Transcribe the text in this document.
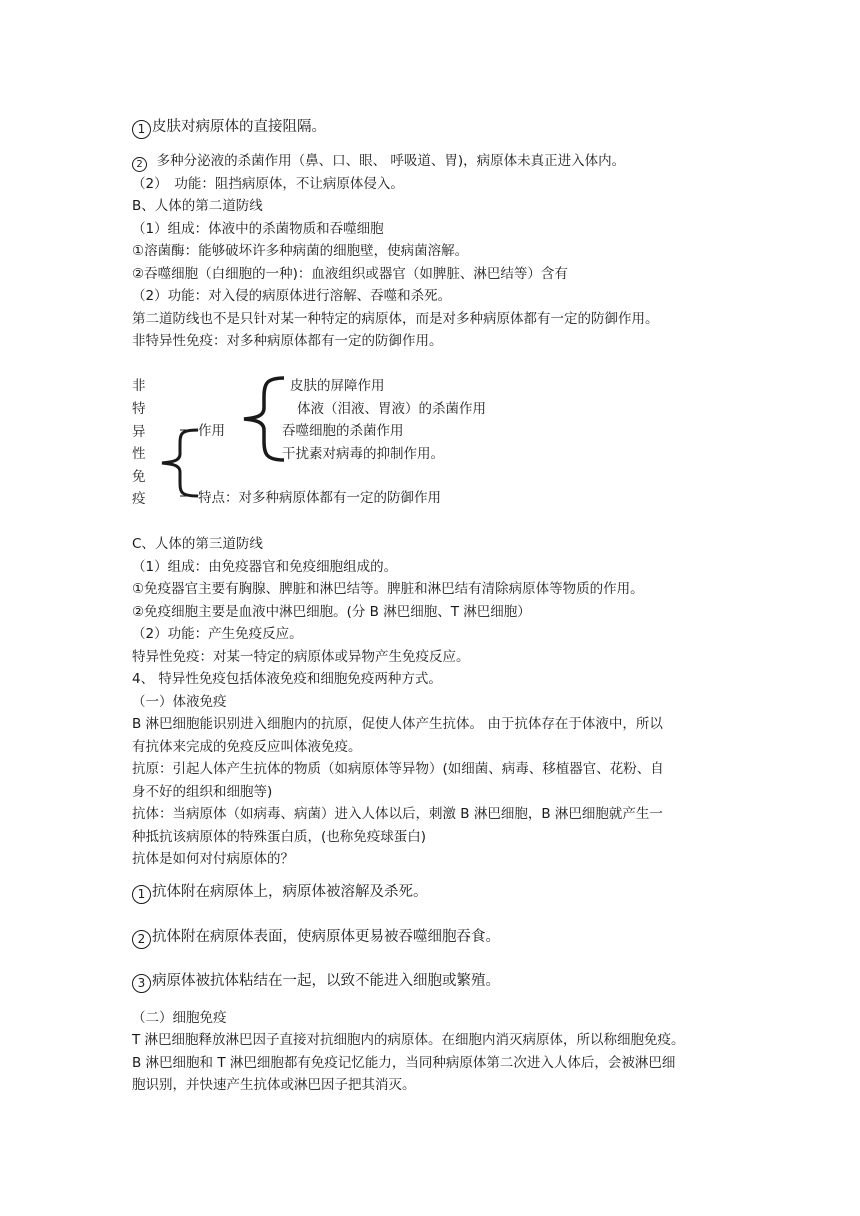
1 皮肤对病原体的直接阻隔。
2 多种分泌液的杀菌作用（鼻、口、眼、 呼吸道、胃)，病原体未真正进入体内。
（2）　功能：阻挡病原体，不让病原体侵入。
B、人体的第二道防线
（1）组成：体液中的杀菌物质和吞噬细胞
①溶菌酶：能够破坏许多种病菌的细胞壁，使病菌溶解。
②吞噬细胞（白细胞的一种)：血液组织或器官（如脾脏、淋巴结等）含有
（2）功能：对入侵的病原体进行溶解、吞噬和杀死。
第二道防线也不是只针对某一种特定的病原体，而是对多种病原体都有一定的防御作用。
非特异性免疫：对多种病原体都有一定的防御作用。
非
特
异
性
免
疫
作用
特点：对多种病原体都有一定的防御作用
皮肤的屏障作用
体液（泪液、胃液）的杀菌作用
吞噬细胞的杀菌作用
干扰素对病毒的抑制作用。
C、人体的第三道防线
（1）组成：由免疫器官和免疫细胞组成的。
①免疫器官主要有胸腺、脾脏和淋巴结等。脾脏和淋巴结有清除病原体等物质的作用。
②免疫细胞主要是血液中淋巴细胞。(分 B 淋巴细胞、T 淋巴细胞）
（2）功能：产生免疫反应。
特异性免疫：对某一特定的病原体或异物产生免疫反应。
4、 特异性免疫包括体液免疫和细胞免疫两种方式。
（一）体液免疫
B 淋巴细胞能识别进入细胞内的抗原，促使人体产生抗体。 由于抗体存在于体液中，所以
有抗体来完成的免疫反应叫体液免疫。
抗原：引起人体产生抗体的物质（如病原体等异物）(如细菌、病毒、移植器官、花粉、自
身不好的组织和细胞等)
抗体：当病原体（如病毒、病菌）进入人体以后，刺激 B 淋巴细胞，B 淋巴细胞就产生一
种抵抗该病原体的特殊蛋白质，(也称免疫球蛋白)
抗体是如何对付病原体的？
1 抗体附在病原体上，病原体被溶解及杀死。
2 抗体附在病原体表面，使病原体更易被吞噬细胞吞食。
3 病原体被抗体粘结在一起，以致不能进入细胞或繁殖。
（二）细胞免疫
T 淋巴细胞释放淋巴因子直接对抗细胞内的病原体。在细胞内消灭病原体，所以称细胞免疫。
B 淋巴细胞和 T 淋巴细胞都有免疫记忆能力，当同种病原体第二次进入人体后，会被淋巴细
胞识别，并快速产生抗体或淋巴因子把其消灭。
